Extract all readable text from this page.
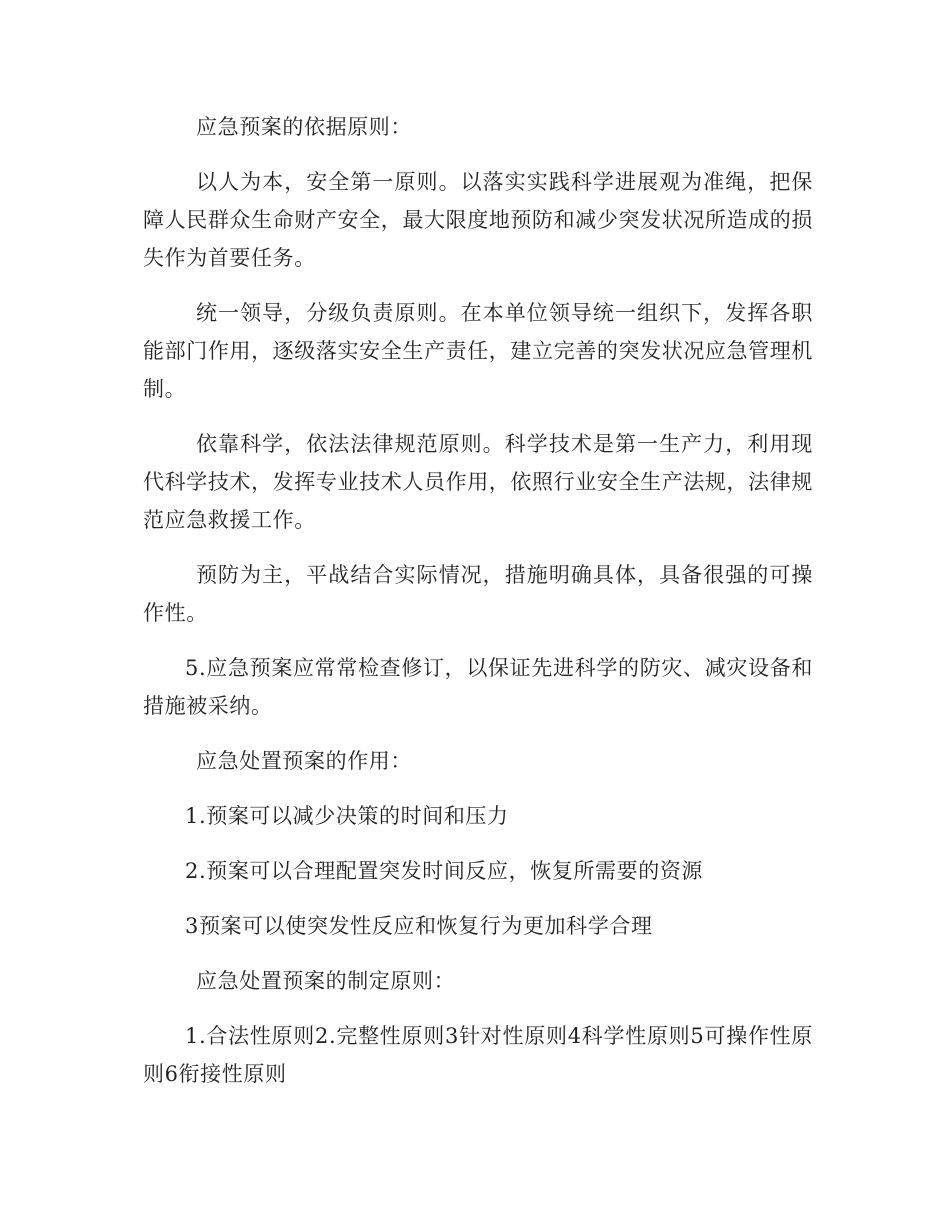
应急预案的依据原则：

以人为本，安全第一原则。以落实实践科学进展观为准绳，把保障人民群众生命财产安全，最大限度地预防和减少突发状况所造成的损失作为首要任务。

统一领导，分级负责原则。在本单位领导统一组织下，发挥各职能部门作用，逐级落实安全生产责任，建立完善的突发状况应急管理机制。

依靠科学，依法法律规范原则。科学技术是第一生产力，利用现代科学技术，发挥专业技术人员作用，依照行业安全生产法规，法律规范应急救援工作。

预防为主，平战结合实际情况，措施明确具体，具备很强的可操作性。

5.应急预案应常常检查修订，以保证先进科学的防灾、减灾设备和措施被采纳。

应急处置预案的作用：

1.预案可以减少决策的时间和压力

2.预案可以合理配置突发时间反应，恢复所需要的资源

3预案可以使突发性反应和恢复行为更加科学合理

应急处置预案的制定原则：

1.合法性原则2.完整性原则3针对性原则4科学性原则5可操作性原则6衔接性原则
